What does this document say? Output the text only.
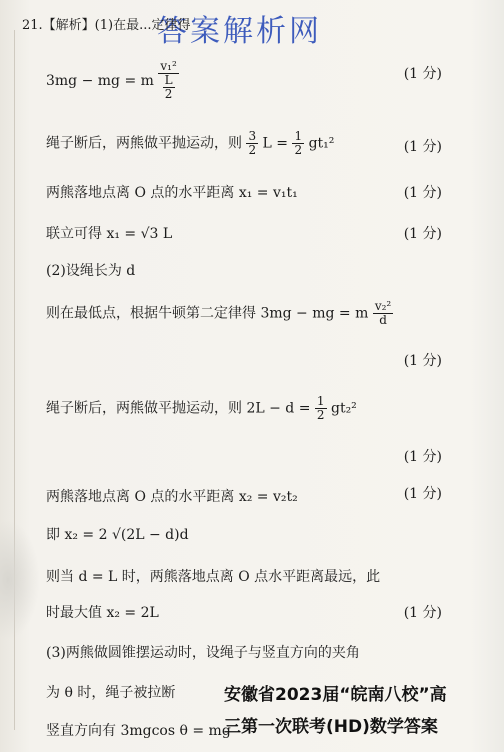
答案解析网
21.【解析】(1)在最...定律得
3mg − mg = m $\frac{\text{v₁²}}{\frac{L}{2}}$	(1 分)
绳子断后，两熊做平抛运动，则 $\frac{3}{2}$ $L = \frac{1}{2} gt_1^2$	(1 分)
两熊落地点离 O 点的水平距离 x₁ = v₁t₁	(1 分)
联立可得 x₁ = √3 L	(1 分)
(2)设绳长为 d
则在最低点，根据牛顿第二定律得 3mg − mg = m $\frac{\text{v₂²}}{d}$
(1 分)
绳子断后，两熊做平抛运动，则 $2L - d = \frac{1}{2} gt_2^2$
(1 分)
两熊落地点离 O 点的水平距离 x₂ = v₂t₂	(1 分)
即 x₂ = 2 √(2L − d)d
则当 d = L 时，两熊落地点离 O 点水平距离最远，此
时最大值 x₂ = 2L	(1 分)
(3)两熊做圆锥摆运动时，设绳子与竖直方向的夹角
为 θ 时，绳子被拉断
竖直方向有 3mgcos θ = mg
安徽省2023届“皖南八校”高
三第一次联考(HD)数学答案
